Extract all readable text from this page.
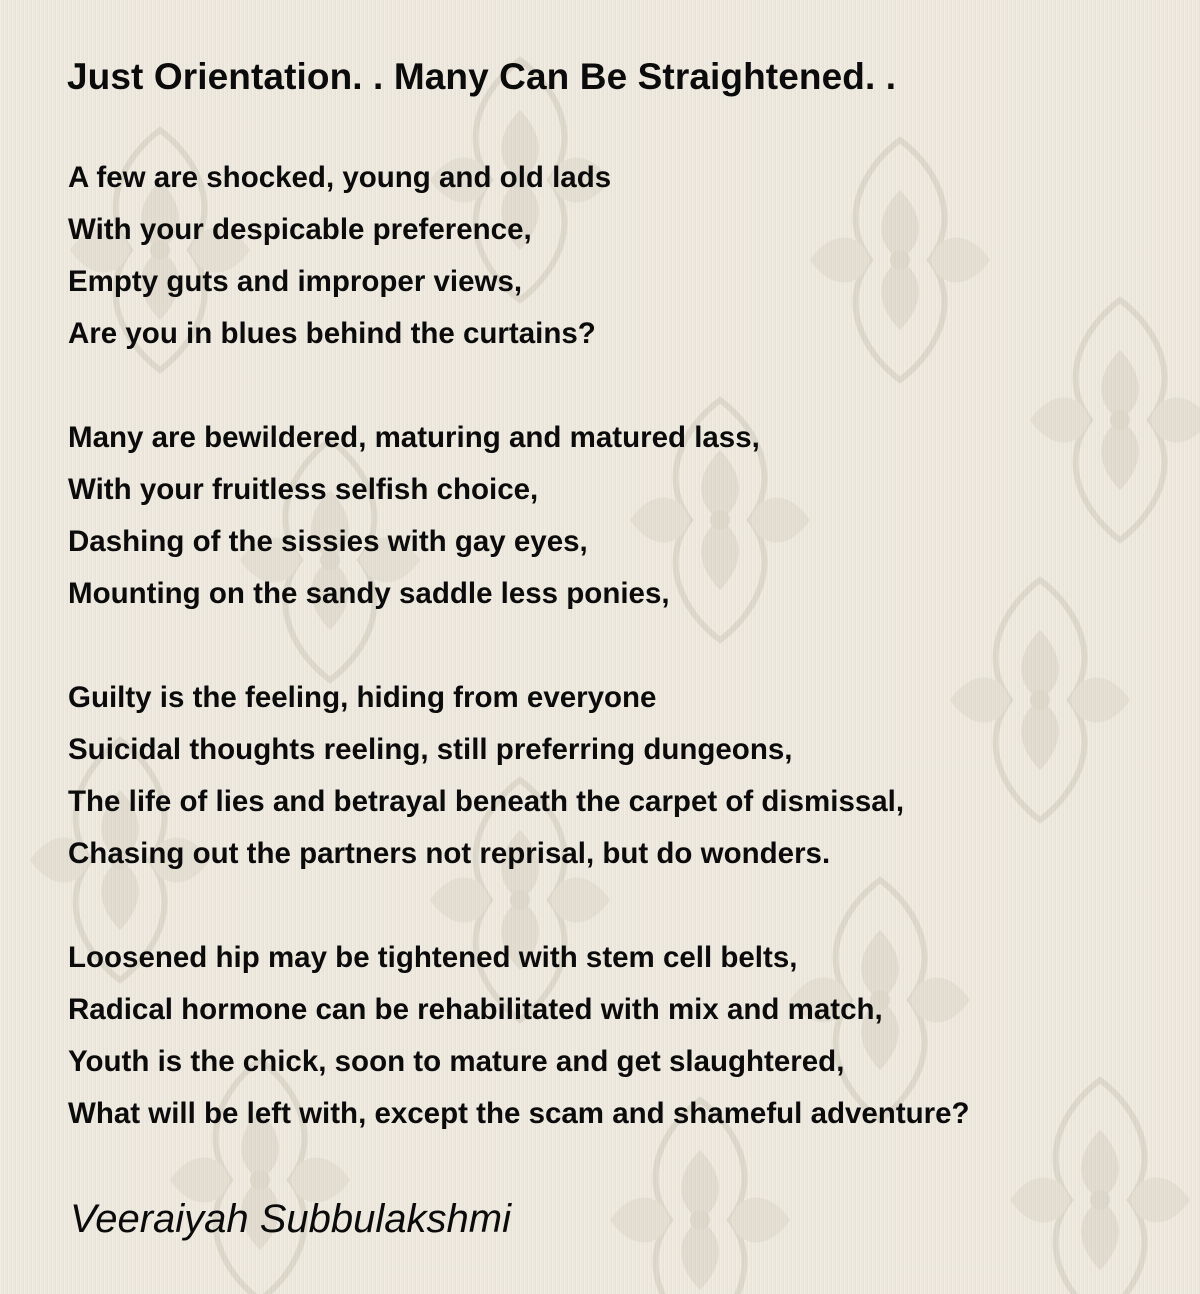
Just Orientation. . Many Can Be Straightened. .
A few are shocked, young and old lads
With your despicable preference,
Empty guts and improper views,
Are you in blues behind the curtains?
Many are bewildered, maturing and matured lass,
With your fruitless selfish choice,
Dashing of the sissies with gay eyes,
Mounting on the sandy saddle less ponies,
Guilty is the feeling, hiding from everyone
Suicidal thoughts reeling, still preferring dungeons,
The life of lies and betrayal beneath the carpet of dismissal,
Chasing out the partners not reprisal, but do wonders.
Loosened hip may be tightened with stem cell belts,
Radical hormone can be rehabilitated with mix and match,
Youth is the chick, soon to mature and get slaughtered,
What will be left with, except the scam and shameful adventure?

Veeraiyah Subbulakshmi
